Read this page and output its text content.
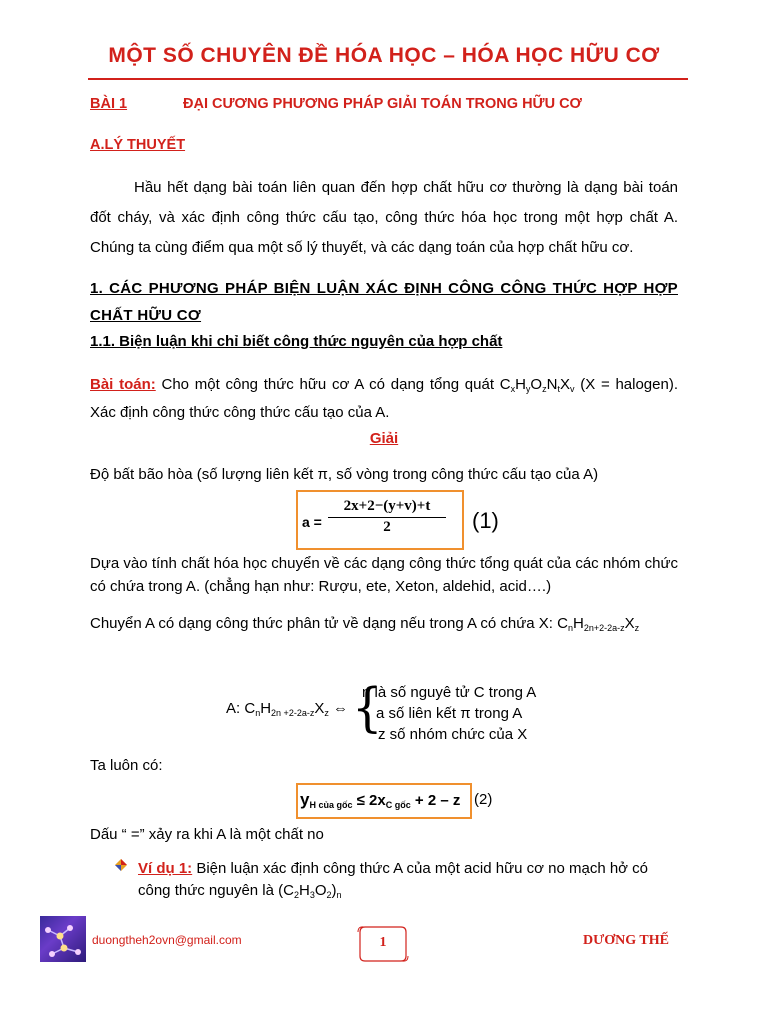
MỘT SỐ CHUYÊN ĐỀ HÓA HỌC – HÓA HỌC HỮU CƠ
BÀI 1	ĐẠI CƯƠNG PHƯƠNG PHÁP GIẢI TOÁN TRONG HỮU CƠ
A.LÝ THUYẾT
Hầu hết dạng bài toán liên quan đến hợp chất hữu cơ thường là dạng bài toán đốt cháy, và xác định công thức cấu tạo, công thức hóa học trong một hợp chất A. Chúng ta cùng điểm qua một số lý thuyết, và các dạng toán của hợp chất hữu cơ.
1. CÁC PHƯƠNG PHÁP BIỆN LUẬN XÁC ĐỊNH CÔNG CÔNG THỨC HỢP HỢP CHẤT HỮU CƠ
1.1. Biện luận khi chỉ biết công thức nguyên của hợp chất
Bài toán: Cho một công thức hữu cơ A có dạng tổng quát $C_xH_yO_zN_tX_v$ (X = halogen). Xác định công thức công thức cấu tạo của A.
Giải
Độ bất bão hòa (số lượng liên kết π, số vòng trong công thức cấu tạo của A)
$a = \frac{2x+2-(y+v)+t}{2} (1)$
Dựa vào tính chất hóa học chuyển về các dạng công thức tổng quát của các nhóm chức có chứa trong A. (chẳng hạn như: Rượu, ete, Xeton, aldehid, acid….)
Chuyển A có dạng công thức phân tử về dạng nếu trong A có chứa X: $C_nH_{2n+2-2a-z}X_z$
A: $C_nH_{2n +2-2a-z}X_z$ ⇔ {
n là số nguyê tử C trong A
a số liên kết π trong A
z số nhóm chức của X
Ta luôn có:
$y_{H của gốc} \le 2x_{C gốc} + 2 - z$ (2)
Dấu “ =” xảy ra khi A là một chất no
Ví dụ 1: Biện luận xác định công thức A của một acid hữu cơ no mạch hở có công thức nguyên là $(C_2H_3O_2)_n$
duongtheh2ovn@gmail.com	1	DƯƠNG THẾ
